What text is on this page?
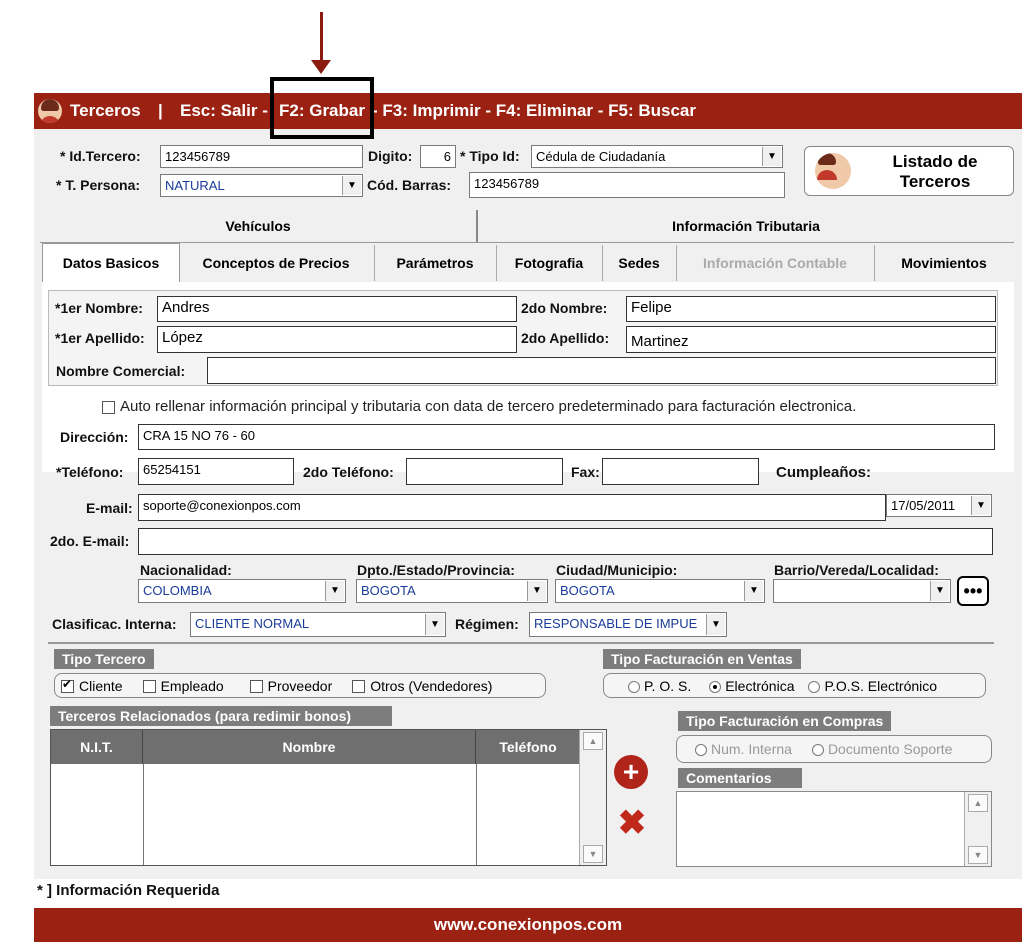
Terceros | Esc: Salir - F2: Grabar - F3: Imprimir - F4: Eliminar - F5: Buscar
* Id.Tercero:	123456789	Digito:	6 * Tipo Id:	Cédula de Ciudadanía	▼
* T. Persona:	NATURAL	▼ Cód. Barras:	123456789
Listado de
Terceros
Vehículos	Información Tributaria
Datos Basicos	Conceptos de Precios	Parámetros	Fotografia	Sedes	Información Contable	Movimientos
*1er Nombre:	Andres	2do Nombre:	Felipe
*1er Apellido:	López	2do Apellido:	Martinez
Nombre Comercial:
Auto rellenar información principal y tributaria con data de tercero predeterminado para facturación electronica.
Dirección:	CRA 15 NO 76 - 60
*Teléfono:	65254151	2do Teléfono:	Fax:	Cumpleaños:
E-mail: soporte@conexionpos.com	17/05/2011	▼
2do. E-mail:
Nacionalidad:
COLOMBIA	▼
Dpto./Estado/Provincia:
BOGOTA	▼
Ciudad/Municipio:
BOGOTA	▼
Barrio/Vereda/Localidad:
▼ •••
Clasificac. Interna:	CLIENTE NORMAL	▼ Régimen:	RESPONSABLE DE IMPUE	▼
Tipo Tercero
✔Cliente	Empleado	Proveedor	Otros (Vendedores)
Tipo Facturación en Ventas
P. O. S.	Electrónica	P.O.S. Electrónico
Terceros Relacionados (para redimir bonos)
N.I.T.	Nombre	Teléfono	▲
▼
+
✖
Tipo Facturación en Compras
Num. Interna	Documento Soporte
Comentarios
▲
▼
* ] Información Requerida
www.conexionpos.com
